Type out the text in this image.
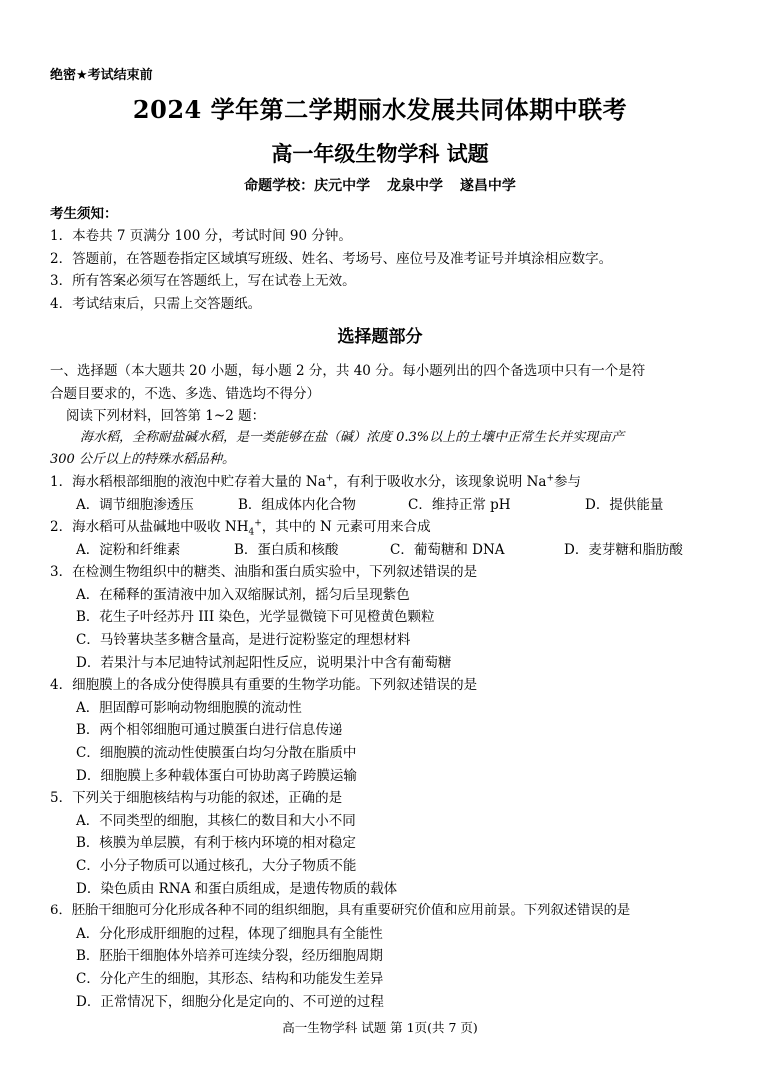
绝密★考试结束前
2024 学年第二学期丽水发展共同体期中联考
高一年级生物学科 试题
命题学校：庆元中学 龙泉中学 遂昌中学
考生须知：
1．本卷共 7 页满分 100 分，考试时间 90 分钟。
2．答题前，在答题卷指定区域填写班级、姓名、考场号、座位号及准考证号并填涂相应数字。
3．所有答案必须写在答题纸上，写在试卷上无效。
4．考试结束后，只需上交答题纸。
选择题部分
一、选择题（本大题共 20 小题，每小题 2 分，共 40 分。每小题列出的四个备选项中只有一个是符
合题目要求的，不选、多选、错选均不得分）
阅读下列材料，回答第 1~2 题：
海水稻，全称耐盐碱水稻，是一类能够在盐（碱）浓度 0.3%以上的土壤中正常生长并实现亩产
300 公斤以上的特殊水稻品种。
1．海水稻根部细胞的液泡中贮存着大量的 Na+，有利于吸收水分，该现象说明 Na+参与
A．调节细胞渗透压	B．组成体内化合物	C．维持正常 pH	D．提供能量
2．海水稻可从盐碱地中吸收 $NH_4^+$，其中的 N 元素可用来合成
A．淀粉和纤维素	B．蛋白质和核酸	C．葡萄糖和 DNA	D．麦芽糖和脂肪酸
3．在检测生物组织中的糖类、油脂和蛋白质实验中，下列叙述错误的是
A．在稀释的蛋清液中加入双缩脲试剂，摇匀后呈现紫色
B．花生子叶经苏丹 III 染色，光学显微镜下可见橙黄色颗粒
C．马铃薯块茎多糖含量高，是进行淀粉鉴定的理想材料
D．若果汁与本尼迪特试剂起阳性反应，说明果汁中含有葡萄糖
4．细胞膜上的各成分使得膜具有重要的生物学功能。下列叙述错误的是
A．胆固醇可影响动物细胞膜的流动性
B．两个相邻细胞可通过膜蛋白进行信息传递
C．细胞膜的流动性使膜蛋白均匀分散在脂质中
D．细胞膜上多种载体蛋白可协助离子跨膜运输
5．下列关于细胞核结构与功能的叙述，正确的是
A．不同类型的细胞，其核仁的数目和大小不同
B．核膜为单层膜，有利于核内环境的相对稳定
C．小分子物质可以通过核孔，大分子物质不能
D．染色质由 RNA 和蛋白质组成，是遗传物质的载体
6．胚胎干细胞可分化形成各种不同的组织细胞，具有重要研究价值和应用前景。下列叙述错误的是
A．分化形成肝细胞的过程，体现了细胞具有全能性
B．胚胎干细胞体外培养可连续分裂，经历细胞周期
C．分化产生的细胞，其形态、结构和功能发生差异
D．正常情况下，细胞分化是定向的、不可逆的过程
高一生物学科 试题 第 1页(共 7 页)
